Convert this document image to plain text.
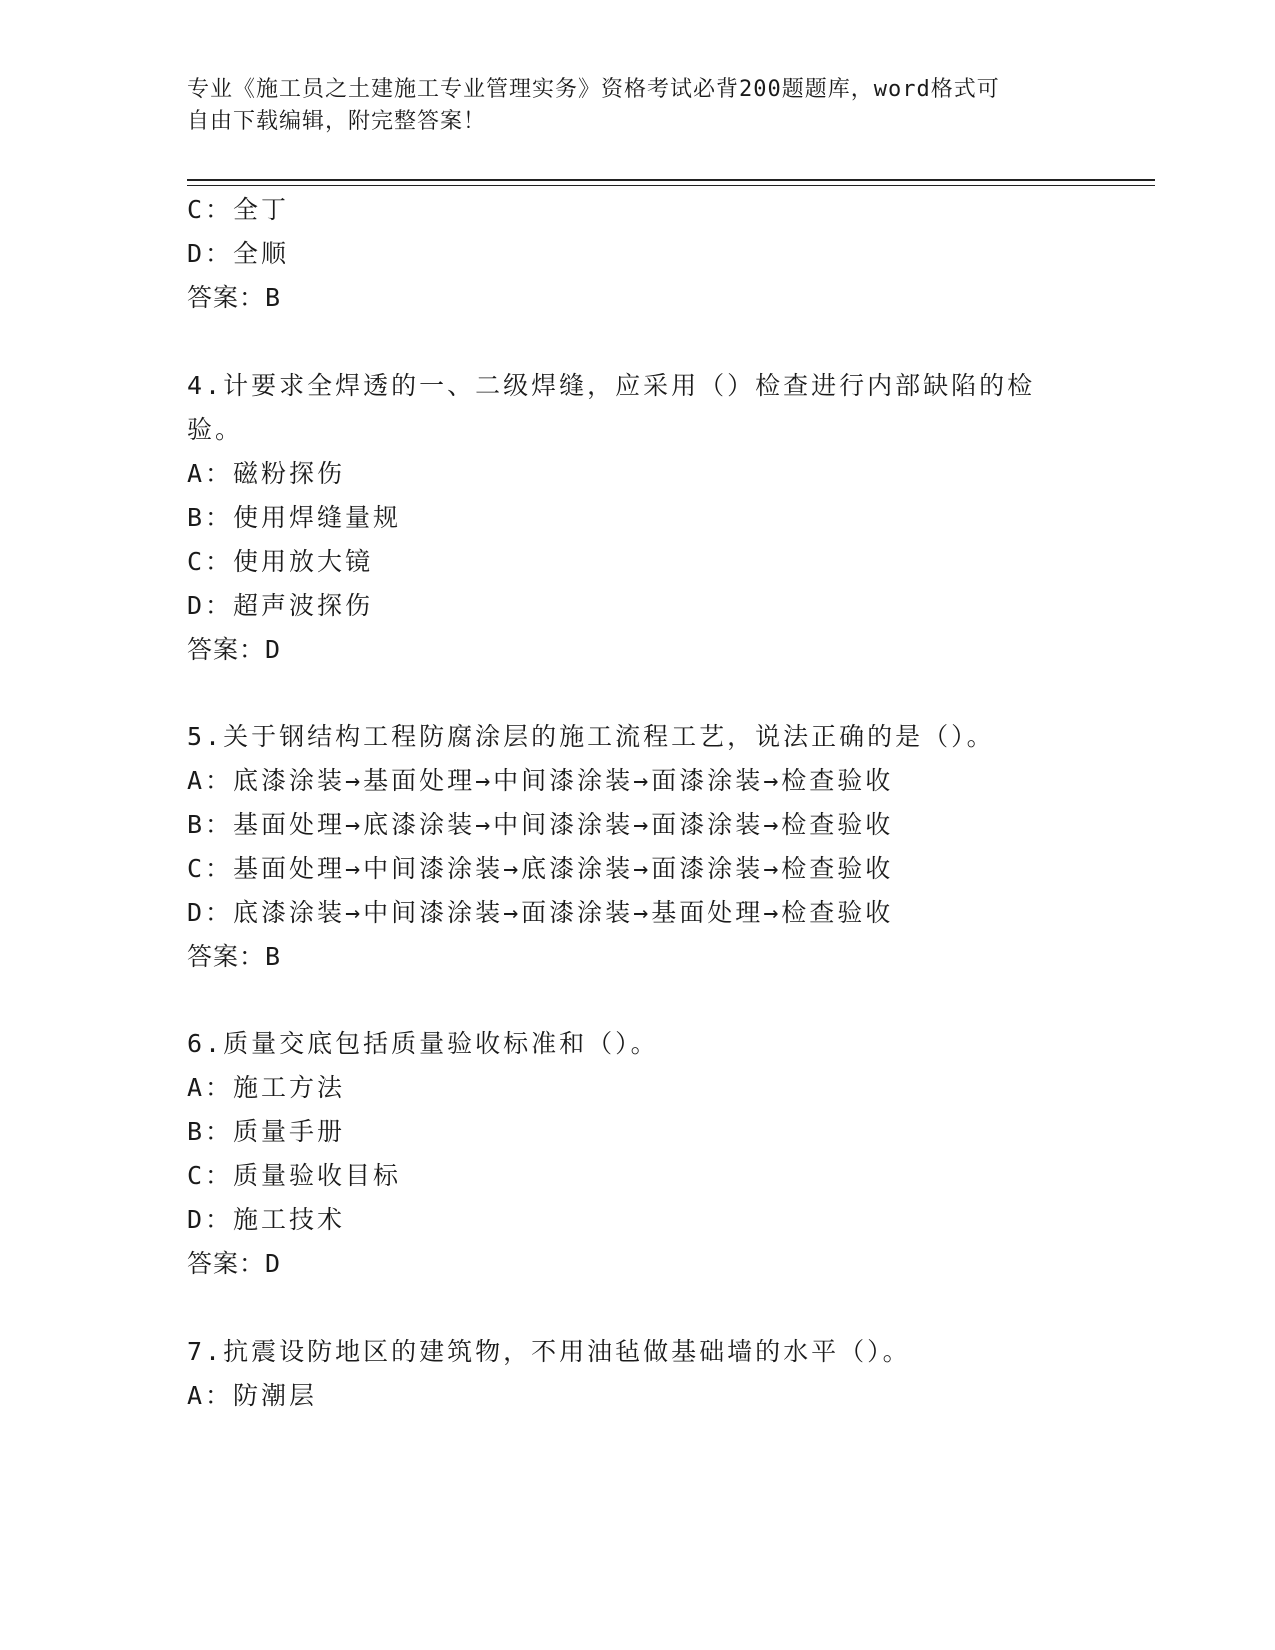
专业《施工员之土建施工专业管理实务》资格考试必背200题题库，word格式可
自由下载编辑，附完整答案！
C：全丁
D：全顺
答案：B
4.计要求全焊透的一、二级焊缝，应采用（）检查进行内部缺陷的检
验。
A：磁粉探伤
B：使用焊缝量规
C：使用放大镜
D：超声波探伤
答案：D
5.关于钢结构工程防腐涂层的施工流程工艺，说法正确的是（）。
A：底漆涂装→基面处理→中间漆涂装→面漆涂装→检查验收
B：基面处理→底漆涂装→中间漆涂装→面漆涂装→检查验收
C：基面处理→中间漆涂装→底漆涂装→面漆涂装→检查验收
D：底漆涂装→中间漆涂装→面漆涂装→基面处理→检查验收
答案：B
6.质量交底包括质量验收标准和（）。
A：施工方法
B：质量手册
C：质量验收目标
D：施工技术
答案：D
7.抗震设防地区的建筑物，不用油毡做基础墙的水平（）。
A：防潮层
